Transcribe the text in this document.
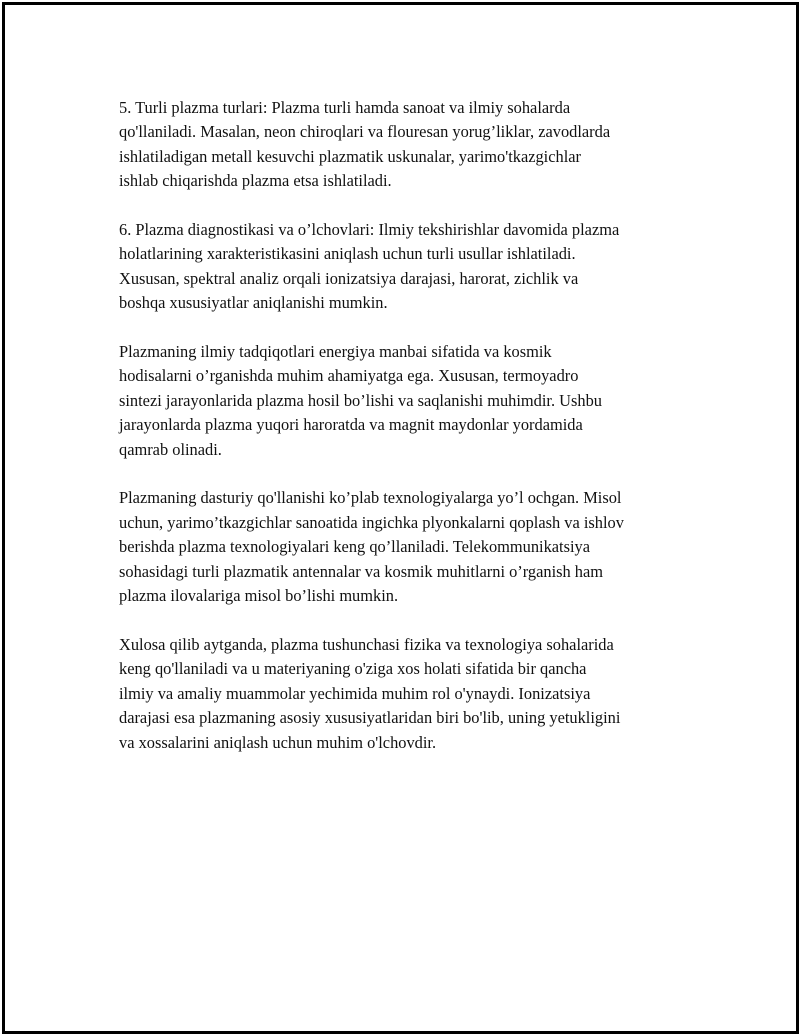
5. Turli plazma turlari: Plazma turli hamda sanoat va ilmiy sohalarda
qo'llaniladi. Masalan, neon chiroqlari va flouresan yorug’liklar, zavodlarda
ishlatiladigan metall kesuvchi plazmatik uskunalar, yarimo'tkazgichlar
ishlab chiqarishda plazma etsa ishlatiladi.

6. Plazma diagnostikasi va o’lchovlari: Ilmiy tekshirishlar davomida plazma
holatlarining xarakteristikasini aniqlash uchun turli usullar ishlatiladi.
Xususan, spektral analiz orqali ionizatsiya darajasi, harorat, zichlik va
boshqa xususiyatlar aniqlanishi mumkin.

Plazmaning ilmiy tadqiqotlari energiya manbai sifatida va kosmik
hodisalarni o’rganishda muhim ahamiyatga ega. Xususan, termoyadro
sintezi jarayonlarida plazma hosil bo’lishi va saqlanishi muhimdir. Ushbu
jarayonlarda plazma yuqori haroratda va magnit maydonlar yordamida
qamrab olinadi.

Plazmaning dasturiy qo'llanishi ko’plab texnologiyalarga yo’l ochgan. Misol
uchun, yarimo’tkazgichlar sanoatida ingichka plyonkalarni qoplash va ishlov
berishda plazma texnologiyalari keng qo’llaniladi. Telekommunikatsiya
sohasidagi turli plazmatik antennalar va kosmik muhitlarni o’rganish ham
plazma ilovalariga misol bo’lishi mumkin.

Xulosa qilib aytganda, plazma tushunchasi fizika va texnologiya sohalarida
keng qo'llaniladi va u materiyaning o'ziga xos holati sifatida bir qancha
ilmiy va amaliy muammolar yechimida muhim rol o'ynaydi. Ionizatsiya
darajasi esa plazmaning asosiy xususiyatlaridan biri bo'lib, uning yetukligini
va xossalarini aniqlash uchun muhim o'lchovdir.
